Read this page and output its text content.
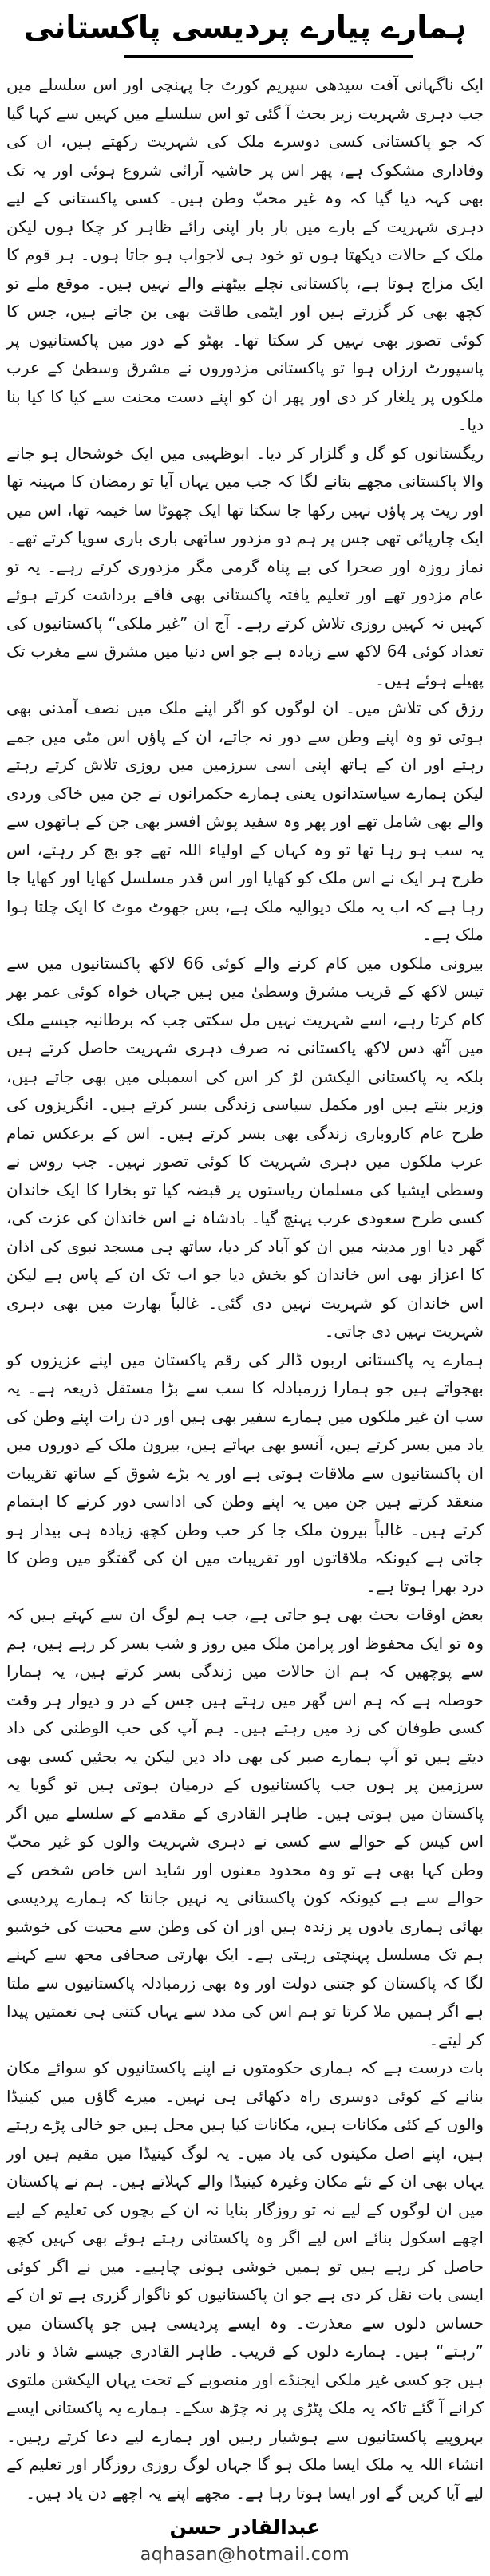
ہمارے پیارے پردیسی پاکستانی

ایک ناگہانی آفت سیدھی سپریم کورٹ جا پہنچی اور اس سلسلے میں جب دہری شہریت زیر بحث آ گئی تو اس سلسلے میں کہیں سے کہا گیا کہ جو پاکستانی کسی دوسرے ملک کی شہریت رکھتے ہیں، ان کی وفاداری مشکوک ہے، پھر اس پر حاشیہ آرائی شروع ہوئی اور یہ تک بھی کہہ دیا گیا کہ وہ غیر محبّ وطن ہیں۔ کسی پاکستانی کے لیے دہری شہریت کے بارے میں بار بار اپنی رائے ظاہر کر چکا ہوں لیکن ملک کے حالات دیکھتا ہوں تو خود ہی لاجواب ہو جاتا ہوں۔ ہر قوم کا ایک مزاج ہوتا ہے، پاکستانی نچلے بیٹھنے والے نہیں ہیں۔ موقع ملے تو کچھ بھی کر گزرتے ہیں اور ایٹمی طاقت بھی بن جاتے ہیں، جس کا کوئی تصور بھی نہیں کر سکتا تھا۔ بھٹو کے دور میں پاکستانیوں پر پاسپورٹ ارزاں ہوا تو پاکستانی مزدوروں نے مشرق وسطیٰ کے عرب ملکوں پر یلغار کر دی اور پھر ان کو اپنے دست محنت سے کیا کا کیا بنا دیا۔

ریگستانوں کو گل و گلزار کر دیا۔ ابوظہبی میں ایک خوشحال ہو جانے والا پاکستانی مجھے بتانے لگا کہ جب میں یہاں آیا تو رمضان کا مہینہ تھا اور ریت پر پاؤں نہیں رکھا جا سکتا تھا ایک چھوٹا سا خیمہ تھا، اس میں ایک چارپائی تھی جس پر ہم دو مزدور ساتھی باری باری سویا کرتے تھے۔ نماز روزہ اور صحرا کی بے پناہ گرمی مگر مزدوری کرتے رہے۔ یہ تو عام مزدور تھے اور تعلیم یافتہ پاکستانی بھی فاقے برداشت کرتے ہوئے کہیں نہ کہیں روزی تلاش کرتے رہے۔ آج ان ”غیر ملکی“ پاکستانیوں کی تعداد کوئی 64 لاکھ سے زیادہ ہے جو اس دنیا میں مشرق سے مغرب تک پھیلے ہوئے ہیں۔

رزق کی تلاش میں۔ ان لوگوں کو اگر اپنے ملک میں نصف آمدنی بھی ہوتی تو وہ اپنے وطن سے دور نہ جاتے، ان کے پاؤں اس مٹی میں جمے رہتے اور ان کے ہاتھ اپنی اسی سرزمین میں روزی تلاش کرتے رہتے لیکن ہمارے سیاستدانوں یعنی ہمارے حکمرانوں نے جن میں خاکی وردی والے بھی شامل تھے اور پھر وہ سفید پوش افسر بھی جن کے ہاتھوں سے یہ سب ہو رہا تھا تو وہ کہاں کے اولیاء اللہ تھے جو بچ کر رہتے، اس طرح ہر ایک نے اس ملک کو کھایا اور اس قدر مسلسل کھایا اور کھایا جا رہا ہے کہ اب یہ ملک دیوالیہ ملک ہے، بس جھوٹ موٹ کا ایک چلتا ہوا ملک ہے۔

بیرونی ملکوں میں کام کرنے والے کوئی 66 لاکھ پاکستانیوں میں سے تیس لاکھ کے قریب مشرق وسطیٰ میں ہیں جہاں خواہ کوئی عمر بھر کام کرتا رہے، اسے شہریت نہیں مل سکتی جب کہ برطانیہ جیسے ملک میں آٹھ دس لاکھ پاکستانی نہ صرف دہری شہریت حاصل کرتے ہیں بلکہ یہ پاکستانی الیکشن لڑ کر اس کی اسمبلی میں بھی جاتے ہیں، وزیر بنتے ہیں اور مکمل سیاسی زندگی بسر کرتے ہیں۔ انگریزوں کی طرح عام کاروباری زندگی بھی بسر کرتے ہیں۔ اس کے برعکس تمام عرب ملکوں میں دہری شہریت کا کوئی تصور نہیں۔ جب روس نے وسطی ایشیا کی مسلمان ریاستوں پر قبضہ کیا تو بخارا کا ایک خاندان کسی طرح سعودی عرب پہنچ گیا۔ بادشاہ نے اس خاندان کی عزت کی، گھر دیا اور مدینہ میں ان کو آباد کر دیا، ساتھ ہی مسجد نبوی کی اذان کا اعزاز بھی اس خاندان کو بخش دیا جو اب تک ان کے پاس ہے لیکن اس خاندان کو شہریت نہیں دی گئی۔ غالباً بھارت میں بھی دہری شہریت نہیں دی جاتی۔

ہمارے یہ پاکستانی اربوں ڈالر کی رقم پاکستان میں اپنے عزیزوں کو بھجواتے ہیں جو ہمارا زرمبادلہ کا سب سے بڑا مستقل ذریعہ ہے۔ یہ سب ان غیر ملکوں میں ہمارے سفیر بھی ہیں اور دن رات اپنے وطن کی یاد میں بسر کرتے ہیں، آنسو بھی بہاتے ہیں، بیرون ملک کے دوروں میں ان پاکستانیوں سے ملاقات ہوتی ہے اور یہ بڑے شوق کے ساتھ تقریبات منعقد کرتے ہیں جن میں یہ اپنے وطن کی اداسی دور کرنے کا اہتمام کرتے ہیں۔ غالباً بیرون ملک جا کر حب وطن کچھ زیادہ ہی بیدار ہو جاتی ہے کیونکہ ملاقاتوں اور تقریبات میں ان کی گفتگو میں وطن کا درد بھرا ہوتا ہے۔

بعض اوقات بحث بھی ہو جاتی ہے، جب ہم لوگ ان سے کہتے ہیں کہ وہ تو ایک محفوظ اور پرامن ملک میں روز و شب بسر کر رہے ہیں، ہم سے پوچھیں کہ ہم ان حالات میں زندگی بسر کرتے ہیں، یہ ہمارا حوصلہ ہے کہ ہم اس گھر میں رہتے ہیں جس کے در و دیوار ہر وقت کسی طوفان کی زد میں رہتے ہیں۔ ہم آپ کی حب الوطنی کی داد دیتے ہیں تو آپ ہمارے صبر کی بھی داد دیں لیکن یہ بحثیں کسی بھی سرزمین پر ہوں جب پاکستانیوں کے درمیان ہوتی ہیں تو گویا یہ پاکستان میں ہوتی ہیں۔ طاہر القادری کے مقدمے کے سلسلے میں اگر اس کیس کے حوالے سے کسی نے دہری شہریت والوں کو غیر محبّ وطن کہا بھی ہے تو وہ محدود معنوں اور شاید اس خاص شخص کے حوالے سے ہے کیونکہ کون پاکستانی یہ نہیں جانتا کہ ہمارے پردیسی بھائی ہماری یادوں پر زندہ ہیں اور ان کی وطن سے محبت کی خوشبو ہم تک مسلسل پہنچتی رہتی ہے۔ ایک بھارتی صحافی مجھ سے کہنے لگا کہ پاکستان کو جتنی دولت اور وہ بھی زرمبادلہ پاکستانیوں سے ملتا ہے اگر ہمیں ملا کرتا تو ہم اس کی مدد سے یہاں کتنی ہی نعمتیں پیدا کر لیتے۔

بات درست ہے کہ ہماری حکومتوں نے اپنے پاکستانیوں کو سوائے مکان بنانے کے کوئی دوسری راہ دکھائی ہی نہیں۔ میرے گاؤں میں کینیڈا والوں کے کئی مکانات ہیں، مکانات کیا ہیں محل ہیں جو خالی پڑے رہتے ہیں، اپنے اصل مکینوں کی یاد میں۔ یہ لوگ کینیڈا میں مقیم ہیں اور یہاں بھی ان کے نئے مکان وغیرہ کینیڈا والے کہلاتے ہیں۔ ہم نے پاکستان میں ان لوگوں کے لیے نہ تو روزگار بنایا نہ ان کے بچوں کی تعلیم کے لیے اچھے اسکول بنائے اس لیے اگر وہ پاکستانی رہتے ہوئے بھی کہیں کچھ حاصل کر رہے ہیں تو ہمیں خوشی ہونی چاہیے۔ میں نے اگر کوئی ایسی بات نقل کر دی ہے جو ان پاکستانیوں کو ناگوار گزری ہے تو ان کے حساس دلوں سے معذرت۔ وہ ایسے پردیسی ہیں جو پاکستان میں ”رہتے“ ہیں۔ ہمارے دلوں کے قریب۔ طاہر القادری جیسے شاذ و نادر ہیں جو کسی غیر ملکی ایجنڈے اور منصوبے کے تحت یہاں الیکشن ملتوی کرانے آ گئے تاکہ یہ ملک پٹڑی پر نہ چڑھ سکے۔ ہمارے یہ پاکستانی ایسے بہروپیے پاکستانیوں سے ہوشیار رہیں اور ہمارے لیے دعا کرتے رہیں۔ انشاء اللہ یہ ملک ایسا ملک ہو گا جہاں لوگ روزی روزگار اور تعلیم کے لیے آیا کریں گے اور ایسا ہوتا رہا ہے۔ مجھے اپنے یہ اچھے دن یاد ہیں۔

عبدالقادر حسن
aqhasan@hotmail.com
